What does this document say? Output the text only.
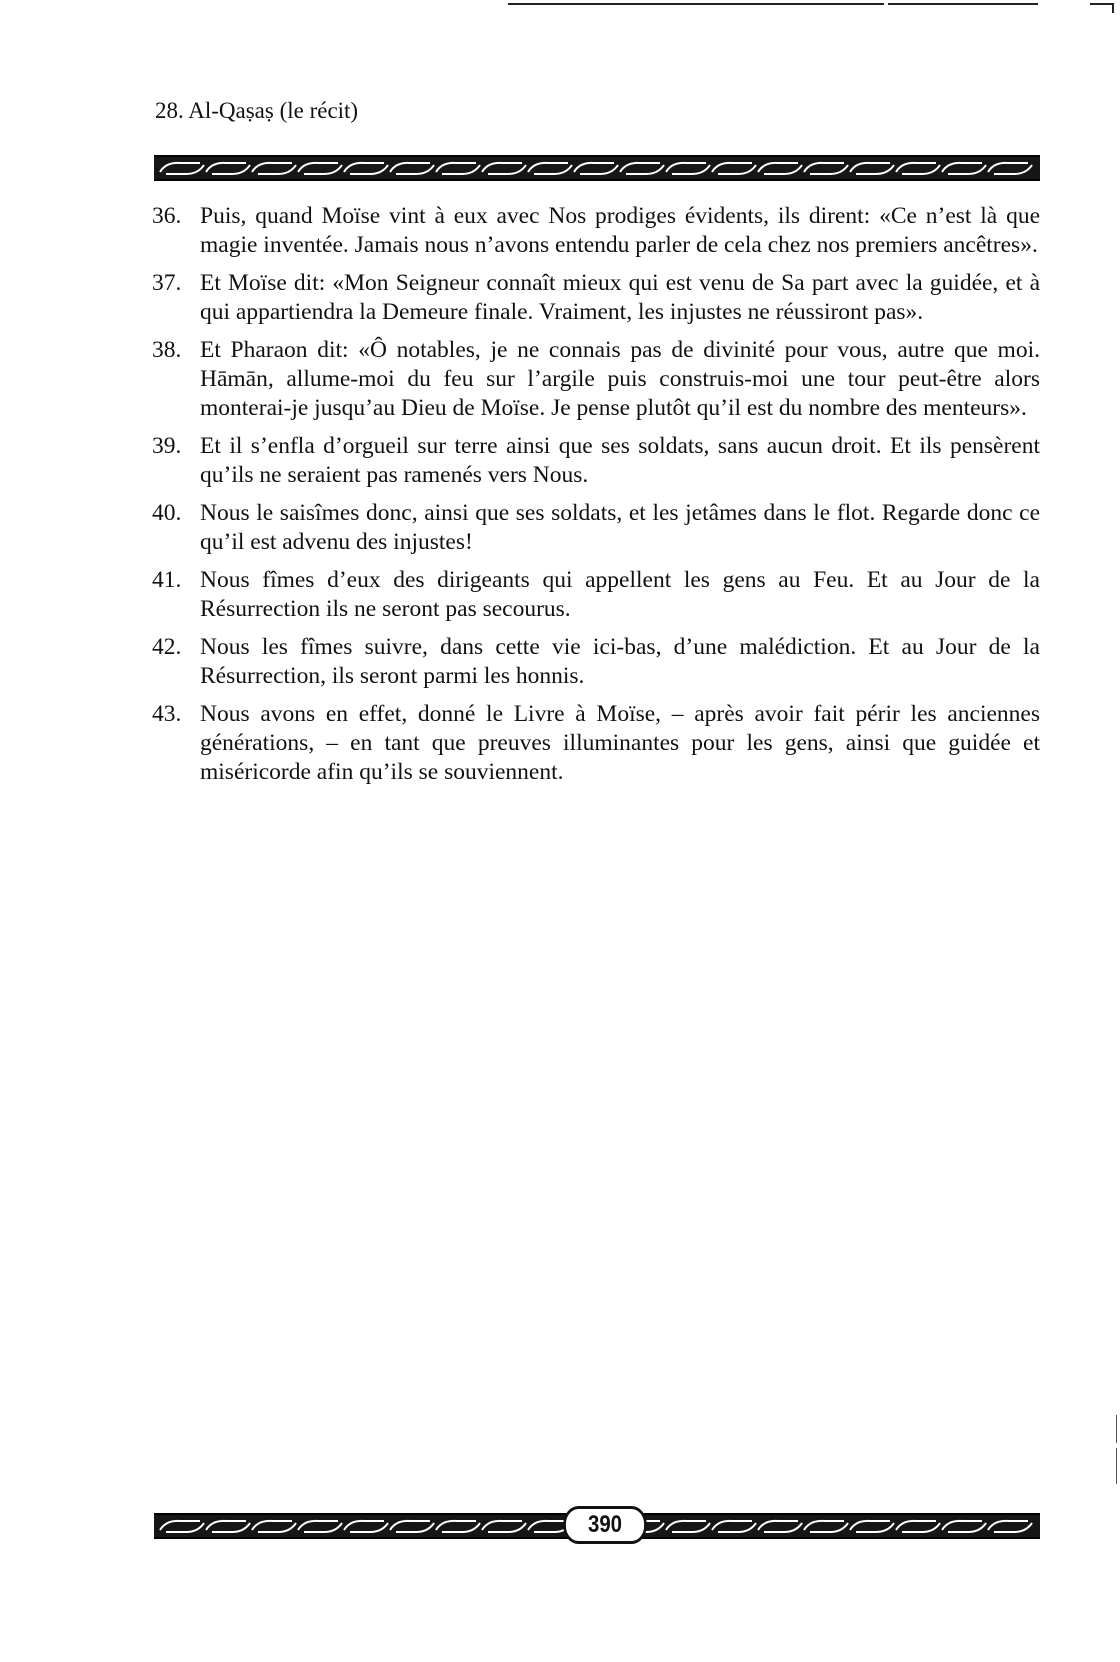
28. Al-Qaṣaṣ (le récit)
36. Puis, quand Moïse vint à eux avec Nos prodiges évidents, ils dirent: «Ce n’est là que magie inventée. Jamais nous n’avons entendu parler de cela chez nos premiers ancêtres».
37. Et Moïse dit: «Mon Seigneur connaît mieux qui est venu de Sa part avec la guidée, et à qui appartiendra la Demeure finale. Vraiment, les injustes ne réussiront pas».
38. Et Pharaon dit: «Ô notables, je ne connais pas de divinité pour vous, autre que moi. Hāmān, allume-moi du feu sur l’argile puis construis-moi une tour peut-être alors monterai-je jusqu’au Dieu de Moïse. Je pense plutôt qu’il est du nombre des menteurs».
39. Et il s’enfla d’orgueil sur terre ainsi que ses soldats, sans aucun droit. Et ils pensèrent qu’ils ne seraient pas ramenés vers Nous.
40. Nous le saisîmes donc, ainsi que ses soldats, et les jetâmes dans le flot. Regarde donc ce qu’il est advenu des injustes!
41. Nous fîmes d’eux des dirigeants qui appellent les gens au Feu. Et au Jour de la Résurrection ils ne seront pas secourus.
42. Nous les fîmes suivre, dans cette vie ici-bas, d’une malédiction. Et au Jour de la Résurrection, ils seront parmi les honnis.
43. Nous avons en effet, donné le Livre à Moïse, – après avoir fait périr les anciennes générations, – en tant que preuves illuminantes pour les gens, ainsi que guidée et miséricorde afin qu’ils se souviennent.
390
